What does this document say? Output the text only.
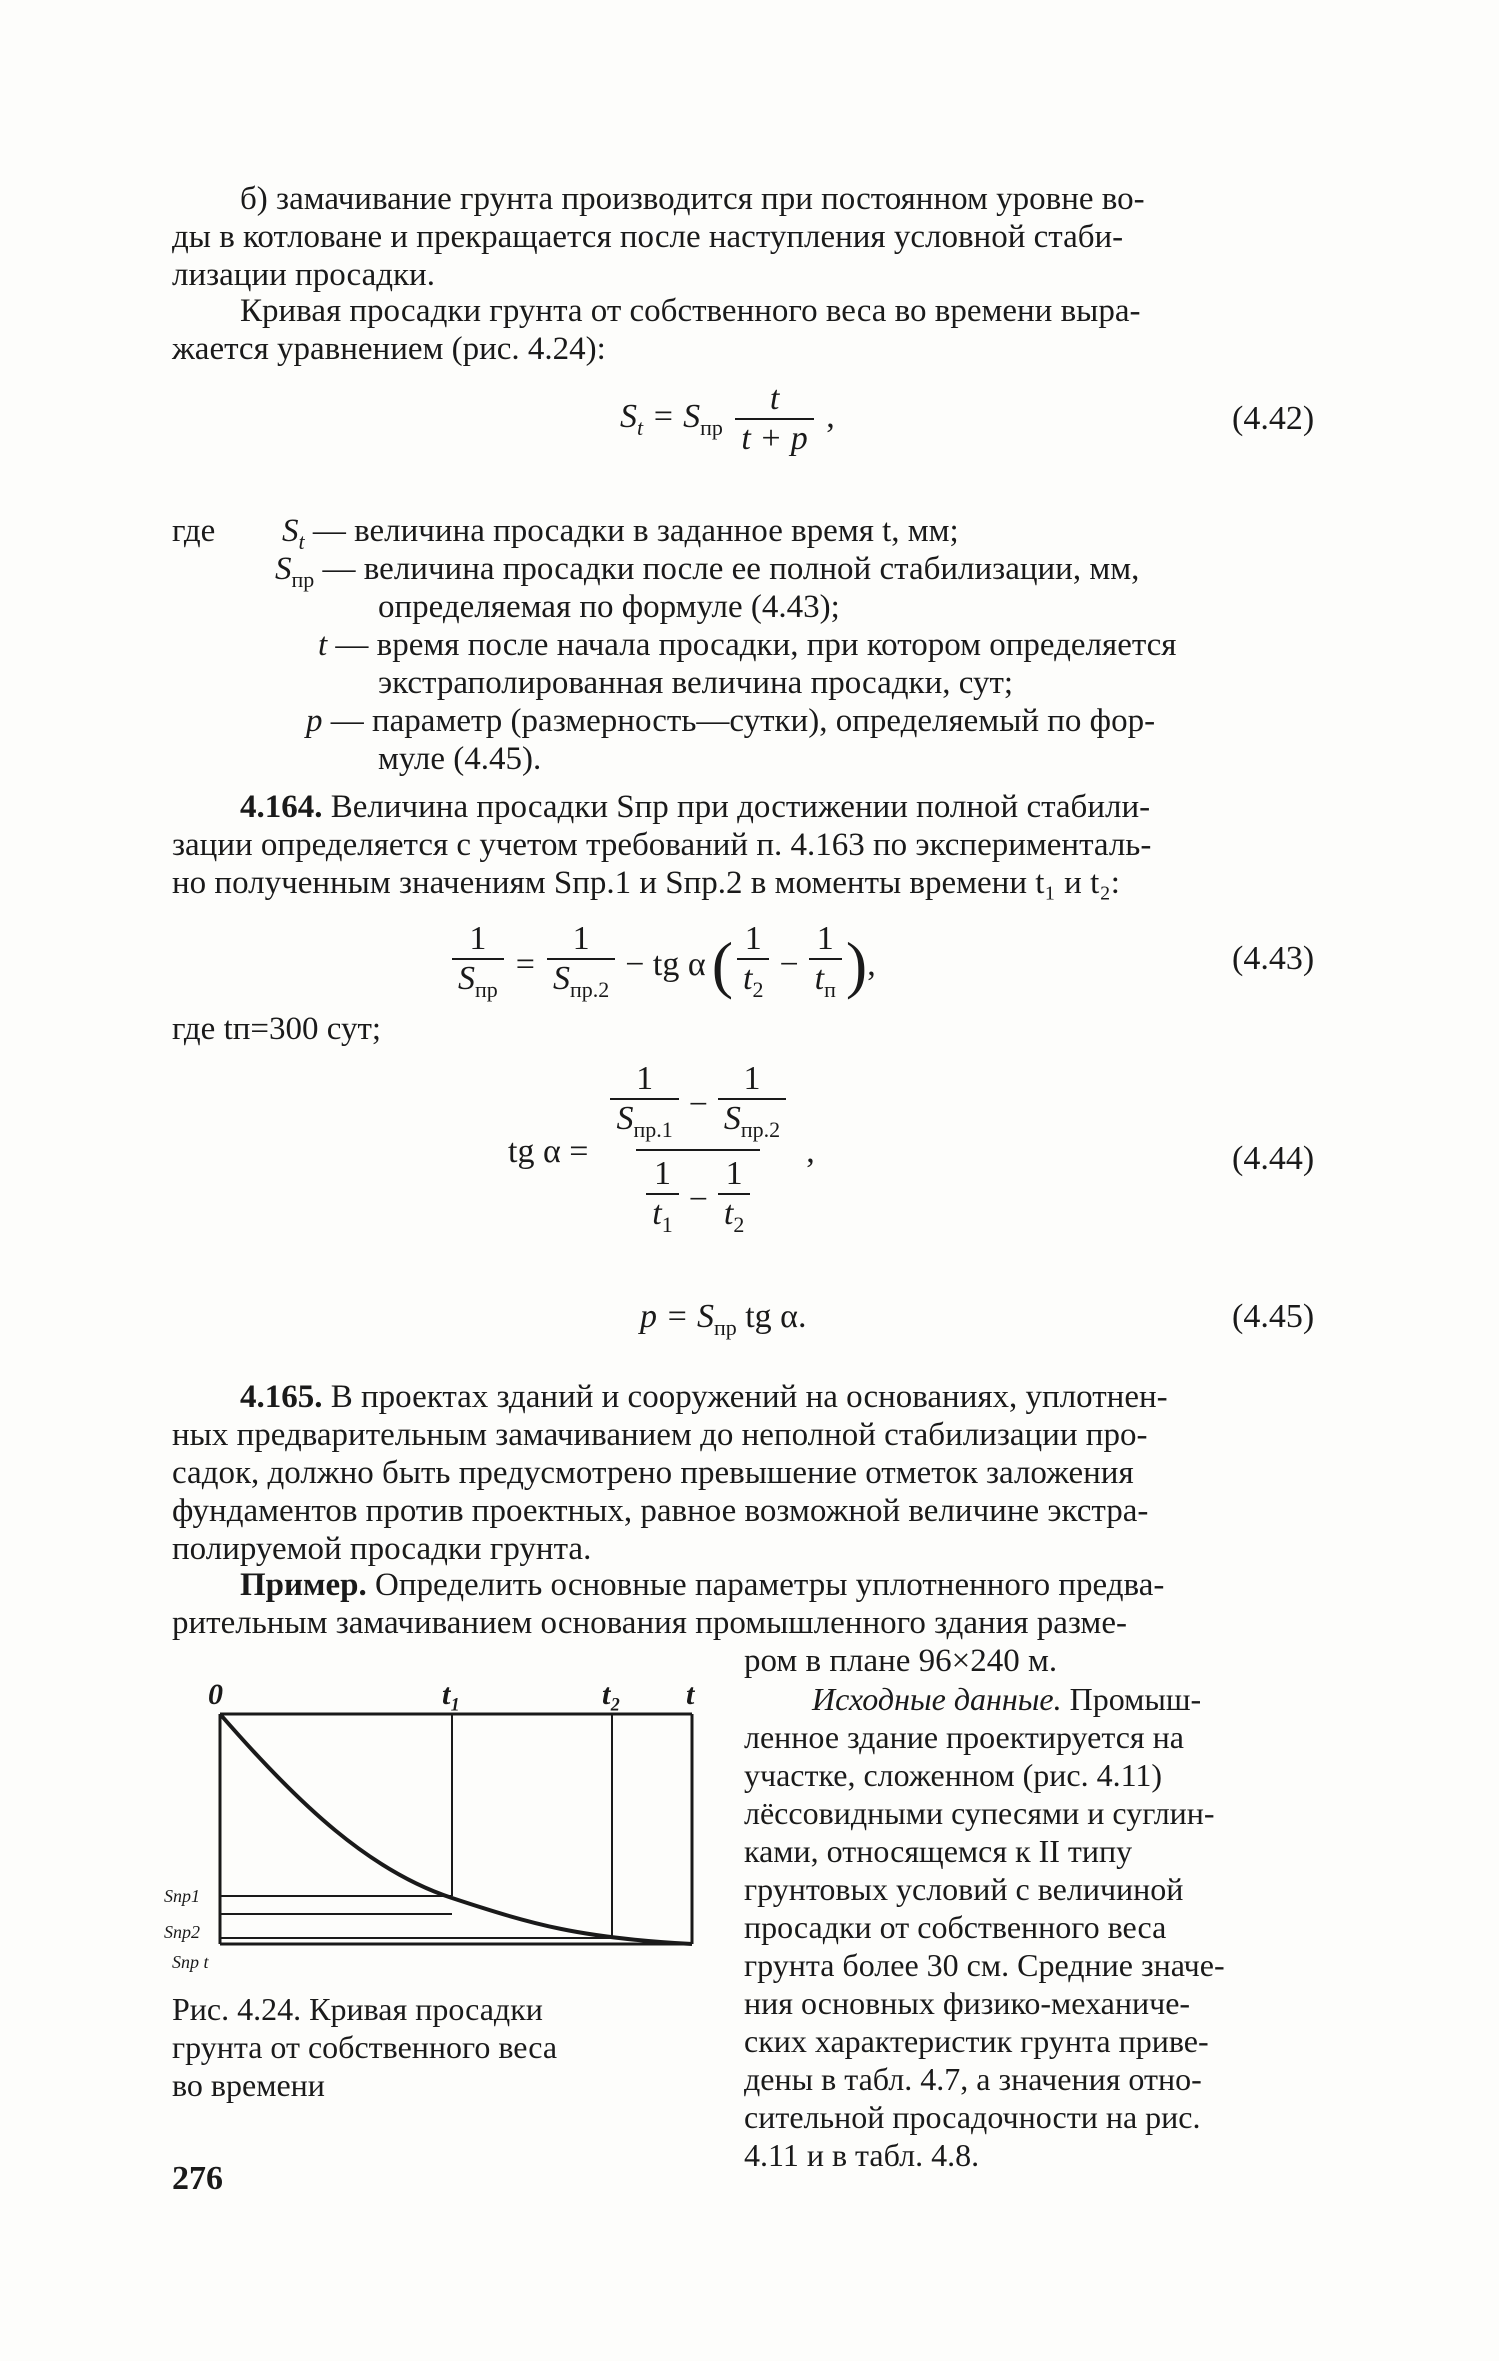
б) замачивание грунта производится при постоянном уровне во-
ды в котловане и прекращается после наступления условной стаби-
лизации просадки.
Кривая просадки грунта от собственного веса во времени выра-
жается уравнением (рис. 4.24):
$S_t = S_{пр} \frac{t}{t + p}$ ,	(4.42)
где $S_t$ — величина просадки в заданное время t, мм;
$S_{пр}$ — величина просадки после ее полной стабилизации, мм,
определяемая по формуле (4.43);
t — время после начала просадки, при котором определяется
экстраполированная величина просадки, сут;
p — параметр (размерность—сутки), определяемый по фор-
муле (4.45).
4.164. Величина просадки Sпр при достижении полной стабили-
зации определяется с учетом требований п. 4.163 по эксперименталь-
но полученным значениям Sпр.1 и Sпр.2 в моменты времени t₁ и t₂:
$\frac{1}{S_{пр}} = \frac{1}{S_{пр.2}}$ − tg α ( $\frac{1}{t_2} - \frac{1}{t_п}$ ) ,	(4.43)
где tп=300 сут;
tg $\alpha = \frac{\frac{1}{S_{пр.1}} - \frac{1}{S_{пр.2}}}{\frac{1}{t_1} - \frac{1}{t_2}}$ ,	(4.44)
$p = S_{пр}$ tg α.	(4.45)
4.165. В проектах зданий и сооружений на основаниях, уплотнен-
ных предварительным замачиванием до неполной стабилизации про-
садок, должно быть предусмотрено превышение отметок заложения
фундаментов против проектных, равное возможной величине экстра-
полируемой просадки грунта.
Пример. Определить основные параметры уплотненного предва-
рительным замачиванием основания промышленного здания разме-
ром в плане 96×240 м.
Исходные данные. Промыш-
ленное здание проектируется на
участке, сложенном (рис. 4.11)
лёссовидными супесями и суглин-
ками, относящемся к II типу
грунтовых условий с величиной
просадки от собственного веса
грунта более 30 см. Средние значе-
ния основных физико-механиче-
ских характеристик грунта приве-
дены в табл. 4.7, а значения отно-
сительной просадочности на рис.
4.11 и в табл. 4.8.
0	t₁	t₂ t
Sпр1
Sпр2
Sпр t
Рис. 4.24. Кривая просадки
грунта от собственного веса
во времени
276
